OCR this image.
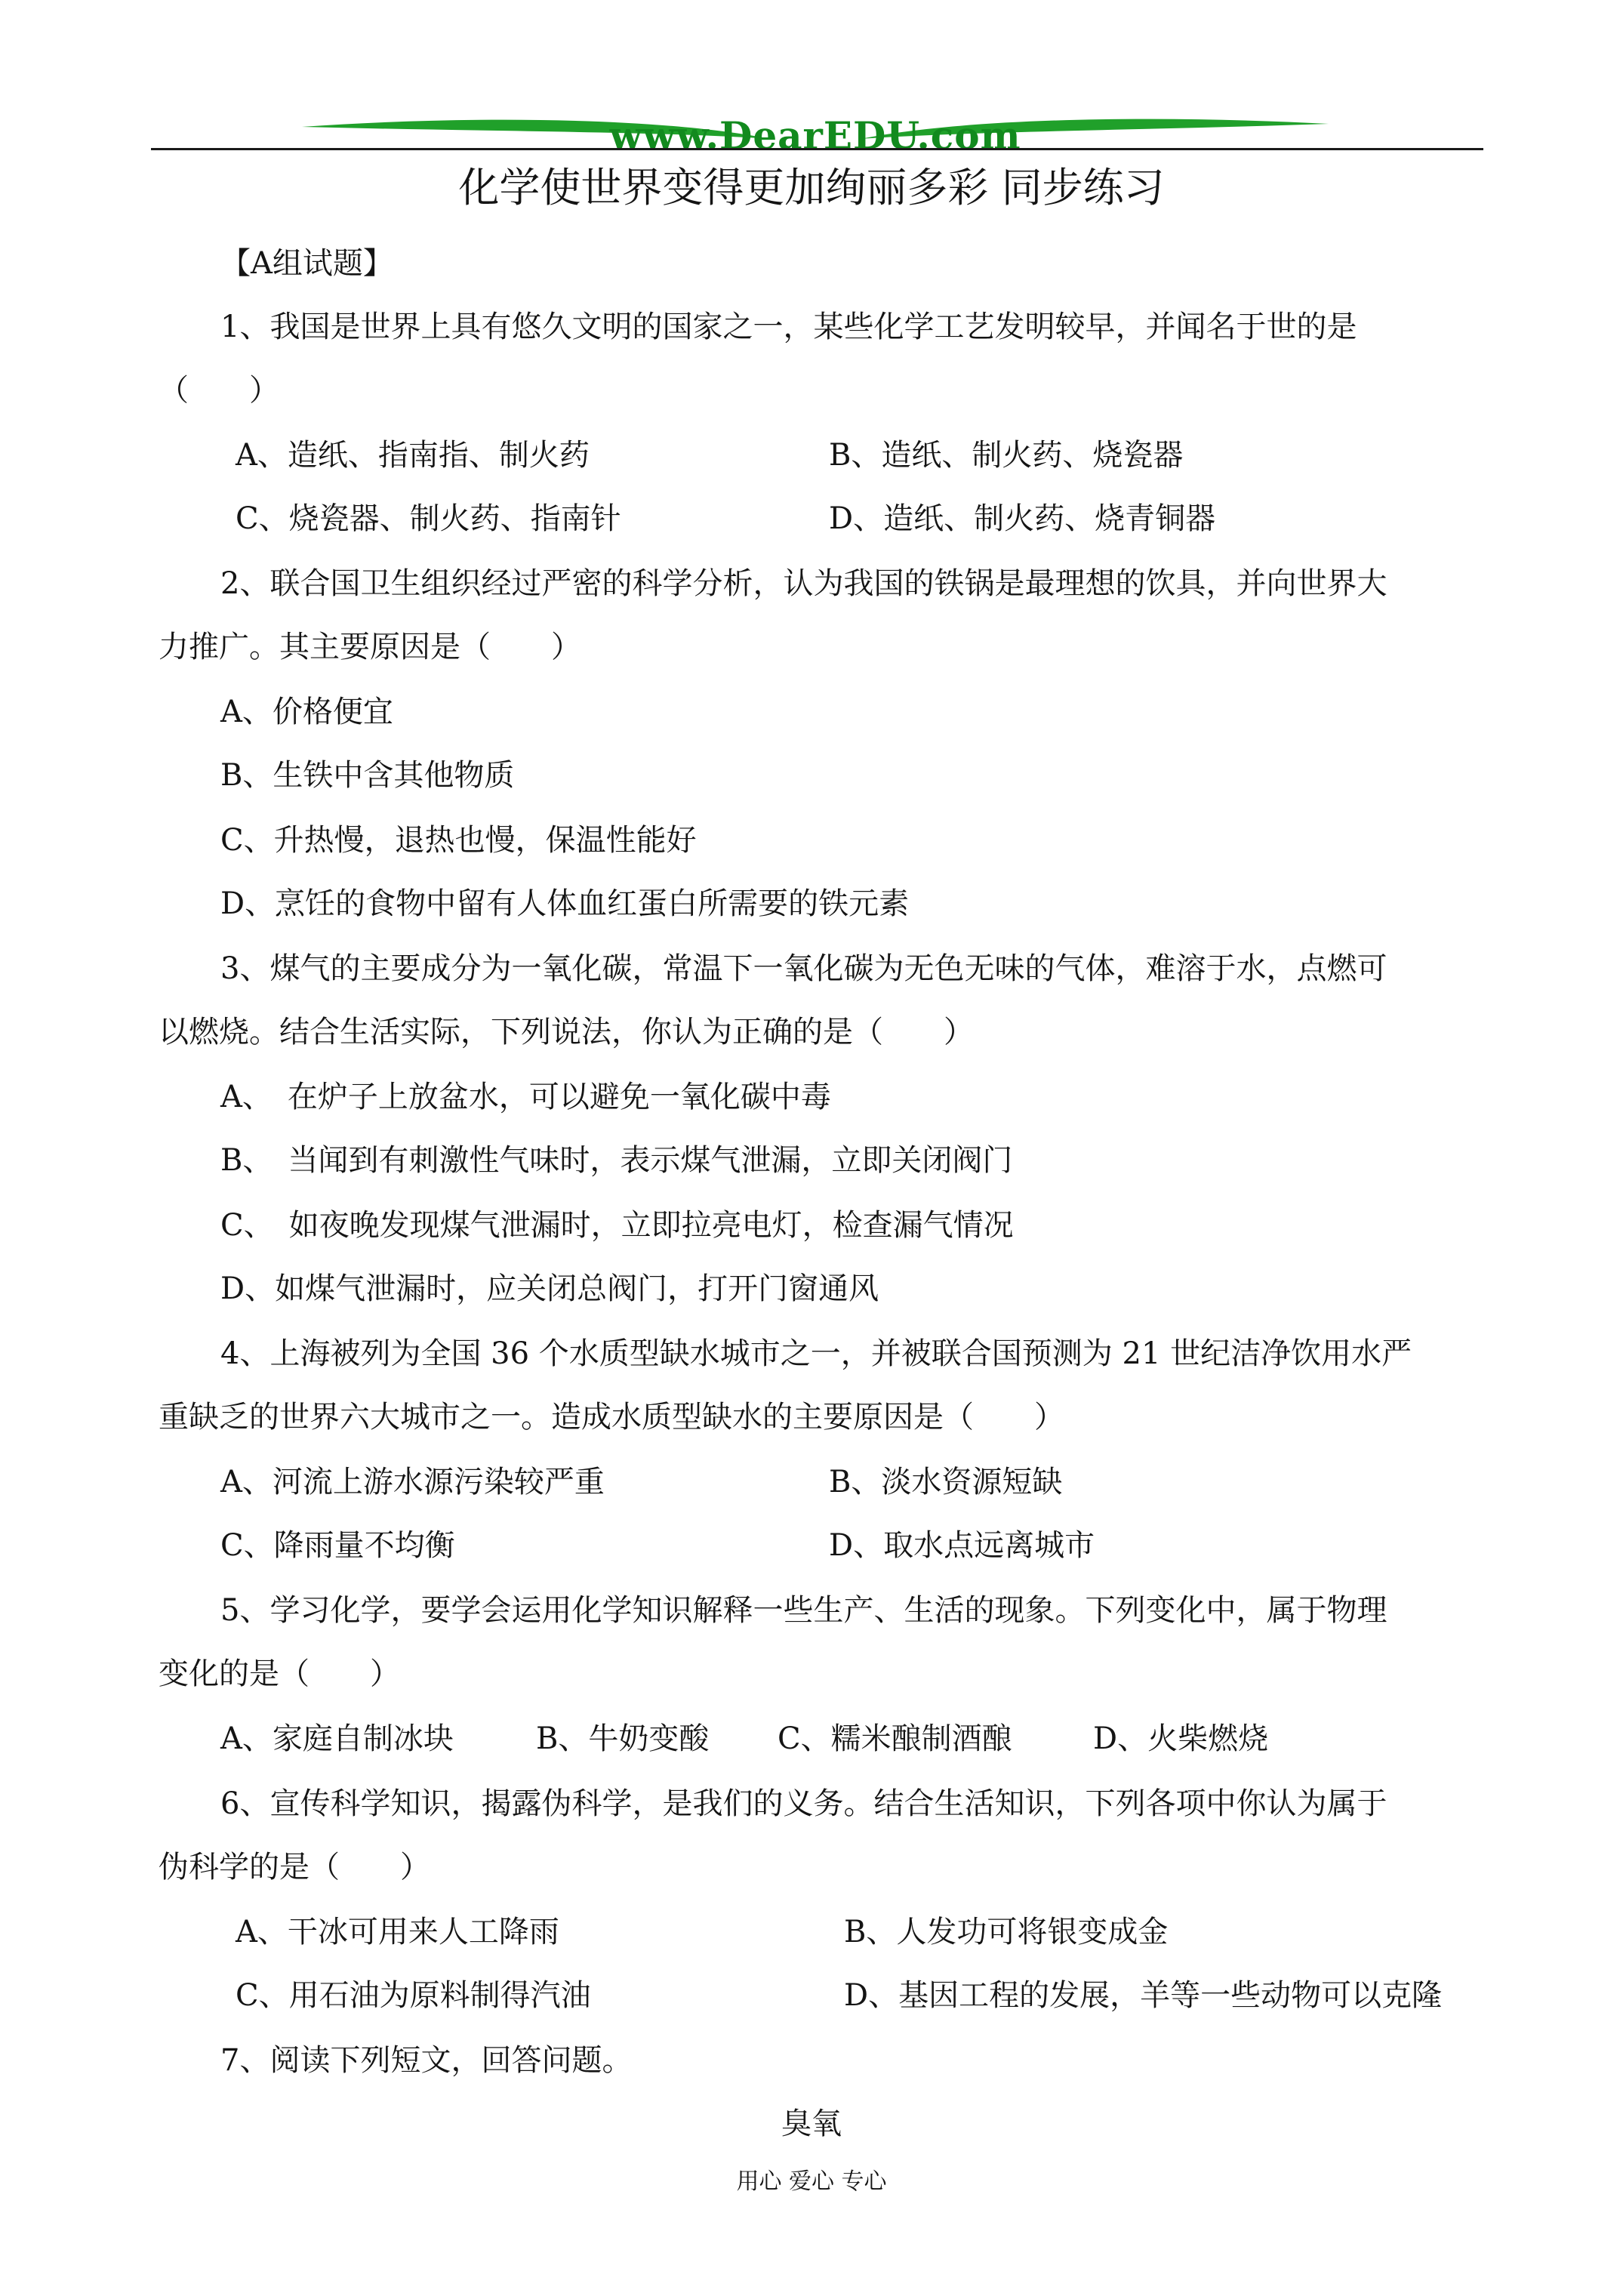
www.DearEDU.com
化学使世界变得更加绚丽多彩 同步练习
【A组试题】
1、我国是世界上具有悠久文明的国家之一，某些化学工艺发明较早，并闻名于世的是
（　　）
A、造纸、指南指、制火药	B、造纸、制火药、烧瓷器
C、烧瓷器、制火药、指南针	D、造纸、制火药、烧青铜器
2、联合国卫生组织经过严密的科学分析，认为我国的铁锅是最理想的饮具，并向世界大
力推广。其主要原因是（　　）
A、价格便宜
B、生铁中含其他物质
C、升热慢，退热也慢，保温性能好
D、烹饪的食物中留有人体血红蛋白所需要的铁元素
3、煤气的主要成分为一氧化碳，常温下一氧化碳为无色无味的气体，难溶于水，点燃可
以燃烧。结合生活实际，下列说法，你认为正确的是（　　）
A、　在炉子上放盆水，可以避免一氧化碳中毒
B、　当闻到有刺激性气味时，表示煤气泄漏，立即关闭阀门
C、　如夜晚发现煤气泄漏时，立即拉亮电灯，检查漏气情况
D、如煤气泄漏时，应关闭总阀门，打开门窗通风
4、上海被列为全国 36 个水质型缺水城市之一，并被联合国预测为 21 世纪洁净饮用水严
重缺乏的世界六大城市之一。造成水质型缺水的主要原因是（　　）
A、河流上游水源污染较严重	B、淡水资源短缺
C、降雨量不均衡	D、取水点远离城市
5、学习化学，要学会运用化学知识解释一些生产、生活的现象。下列变化中，属于物理
变化的是（　　）
A、家庭自制冰块	B、牛奶变酸 C、糯米酿制酒酿	D、火柴燃烧
6、宣传科学知识，揭露伪科学，是我们的义务。结合生活知识，下列各项中你认为属于
伪科学的是（　　）
A、干冰可用来人工降雨	B、人发功可将银变成金
C、用石油为原料制得汽油	D、基因工程的发展，羊等一些动物可以克隆
7、阅读下列短文，回答问题。
臭氧
用心 爱心 专心
